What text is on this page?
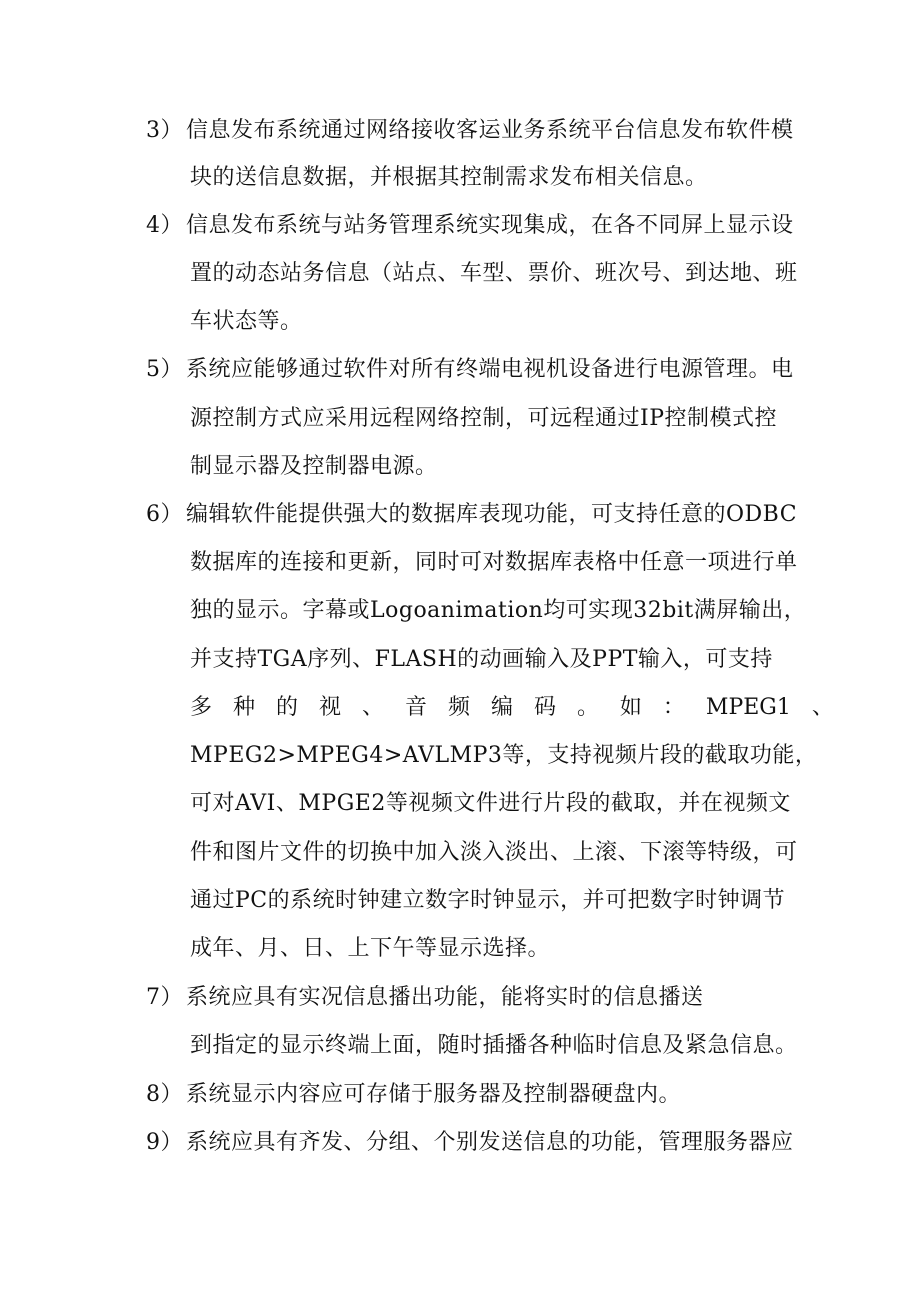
3） 信息发布系统通过网络接收客运业务系统平台信息发布软件模
块的送信息数据，并根据其控制需求发布相关信息。
4） 信息发布系统与站务管理系统实现集成，在各不同屏上显示设
置的动态站务信息（站点、车型、票价、班次号、到达地、班
车状态等。
5） 系统应能够通过软件对所有终端电视机设备进行电源管理。电
源控制方式应采用远程网络控制，可远程通过IP控制模式控
制显示器及控制器电源。
6） 编辑软件能提供强大的数据库表现功能，可支持任意的ODBC
数据库的连接和更新，同时可对数据库表格中任意一项进行单
独的显示。字幕或Logoanimation均可实现32bit满屏输出，
并支持TGA序列、FLASH的动画输入及PPT输入，可支持
多 种 的 视 、 音 频 编 码 。 如 ： MPEG1 、
MPEG2>MPEG4>AVLMP3等，支持视频片段的截取功能，
可对AVI、MPGE2等视频文件进行片段的截取，并在视频文
件和图片文件的切换中加入淡入淡出、上滚、下滚等特级，可
通过PC的系统时钟建立数字时钟显示，并可把数字时钟调节
成年、月、日、上下午等显示选择。
7） 系统应具有实况信息播出功能，能将实时的信息播送
到指定的显示终端上面，随时插播各种临时信息及紧急信息。
8） 系统显示内容应可存储于服务器及控制器硬盘内。
9） 系统应具有齐发、分组、个别发送信息的功能，管理服务器应
